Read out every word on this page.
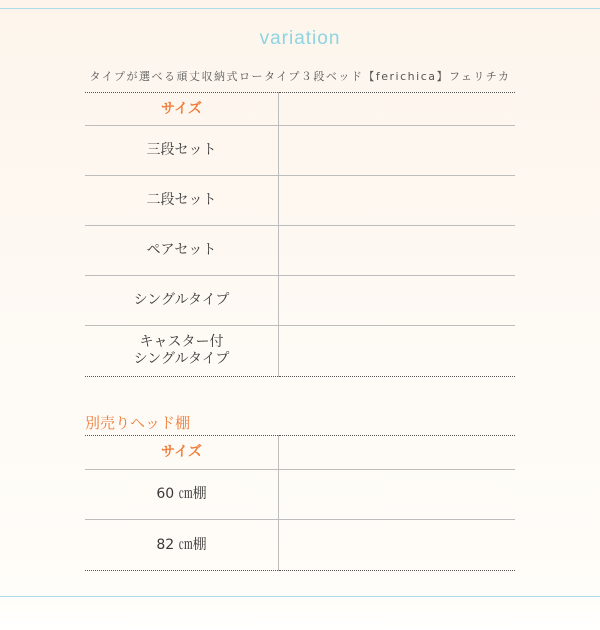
variation
タイプが選べる頑丈収納式ロータイプ３段ベッド【ferichica】フェリチカ
サイズ	
三段セット	
二段セット	
ペアセット	
シングルタイプ	

キャスター付
シングルタイプ	

別売りヘッド棚
サイズ	
60 ㎝棚	
82 ㎝棚	
